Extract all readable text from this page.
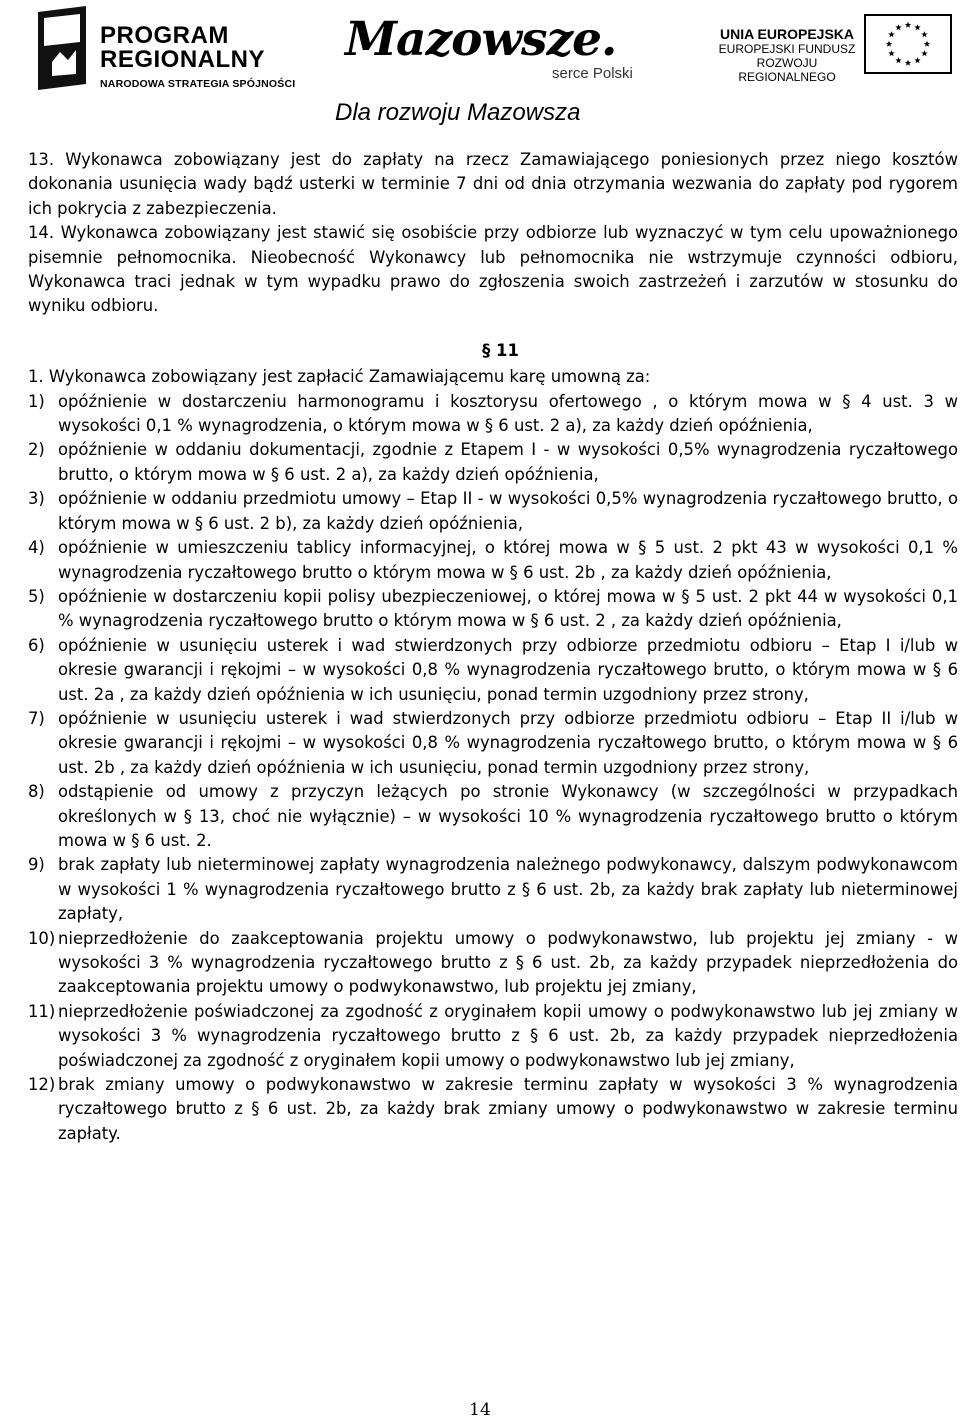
PROGRAM
REGIONALNY
NARODOWA STRATEGIA SPÓJNOŚCI
Mazowsze.
serce Polski
UNIA EUROPEJSKA
EUROPEJSKI FUNDUSZ
ROZWOJU REGIONALNEGO
Dla rozwoju Mazowsza

13. Wykonawca zobowiązany jest do zapłaty na rzecz Zamawiającego poniesionych przez niego kosztów dokonania usunięcia wady bądź usterki w terminie 7 dni od dnia otrzymania wezwania do zapłaty pod rygorem ich pokrycia z zabezpieczenia.

14. Wykonawca zobowiązany jest stawić się osobiście przy odbiorze lub wyznaczyć w tym celu upoważnionego pisemnie pełnomocnika. Nieobecność Wykonawcy lub pełnomocnika nie wstrzymuje czynności odbioru, Wykonawca traci jednak w tym wypadku prawo do zgłoszenia swoich zastrzeżeń i zarzutów w stosunku do wyniku odbioru.

§ 11

1. Wykonawca zobowiązany jest zapłacić Zamawiającemu karę umowną za:

1) opóźnienie w dostarczeniu harmonogramu i kosztorysu ofertowego , o którym mowa w § 4 ust. 3 w wysokości 0,1 % wynagrodzenia, o którym mowa w § 6 ust. 2 a), za każdy dzień opóźnienia,
2) opóźnienie w oddaniu dokumentacji, zgodnie z Etapem I - w wysokości 0,5% wynagrodzenia ryczałtowego brutto, o którym mowa w § 6 ust. 2 a), za każdy dzień opóźnienia,
3) opóźnienie w oddaniu przedmiotu umowy – Etap II - w wysokości 0,5% wynagrodzenia ryczałtowego brutto, o którym mowa w § 6 ust. 2 b), za każdy dzień opóźnienia,
4) opóźnienie w umieszczeniu tablicy informacyjnej, o której mowa w § 5 ust. 2 pkt 43 w wysokości 0,1 % wynagrodzenia ryczałtowego brutto o którym mowa w § 6 ust. 2b , za każdy dzień opóźnienia,
5) opóźnienie w dostarczeniu kopii polisy ubezpieczeniowej, o której mowa w § 5 ust. 2 pkt 44 w wysokości 0,1 % wynagrodzenia ryczałtowego brutto o którym mowa w § 6 ust. 2 , za każdy dzień opóźnienia,
6) opóźnienie w usunięciu usterek i wad stwierdzonych przy odbiorze przedmiotu odbioru – Etap I i/lub w okresie gwarancji i rękojmi – w wysokości 0,8 % wynagrodzenia ryczałtowego brutto, o którym mowa w § 6 ust. 2a , za każdy dzień opóźnienia w ich usunięciu, ponad termin uzgodniony przez strony,
7) opóźnienie w usunięciu usterek i wad stwierdzonych przy odbiorze przedmiotu odbioru – Etap II i/lub w okresie gwarancji i rękojmi – w wysokości 0,8 % wynagrodzenia ryczałtowego brutto, o którym mowa w § 6 ust. 2b , za każdy dzień opóźnienia w ich usunięciu, ponad termin uzgodniony przez strony,
8) odstąpienie od umowy z przyczyn leżących po stronie Wykonawcy (w szczególności w przypadkach określonych w § 13, choć nie wyłącznie) – w wysokości 10 % wynagrodzenia ryczałtowego brutto o którym mowa w § 6 ust. 2.
9) brak zapłaty lub nieterminowej zapłaty wynagrodzenia należnego podwykonawcy, dalszym podwykonawcom w wysokości 1 % wynagrodzenia ryczałtowego brutto z § 6 ust. 2b, za każdy brak zapłaty lub nieterminowej zapłaty,
10) nieprzedłożenie do zaakceptowania projektu umowy o podwykonawstwo, lub projektu jej zmiany - w wysokości 3 % wynagrodzenia ryczałtowego brutto z § 6 ust. 2b, za każdy przypadek nieprzedłożenia do zaakceptowania projektu umowy o podwykonawstwo, lub projektu jej zmiany,
11) nieprzedłożenie poświadczonej za zgodność z oryginałem kopii umowy o podwykonawstwo lub jej zmiany w wysokości 3 % wynagrodzenia ryczałtowego brutto z § 6 ust. 2b, za każdy przypadek nieprzedłożenia poświadczonej za zgodność z oryginałem kopii umowy o podwykonawstwo lub jej zmiany,
12) brak zmiany umowy o podwykonawstwo w zakresie terminu zapłaty w wysokości 3 % wynagrodzenia ryczałtowego brutto z § 6 ust. 2b, za każdy brak zmiany umowy o podwykonawstwo w zakresie terminu zapłaty.
14
